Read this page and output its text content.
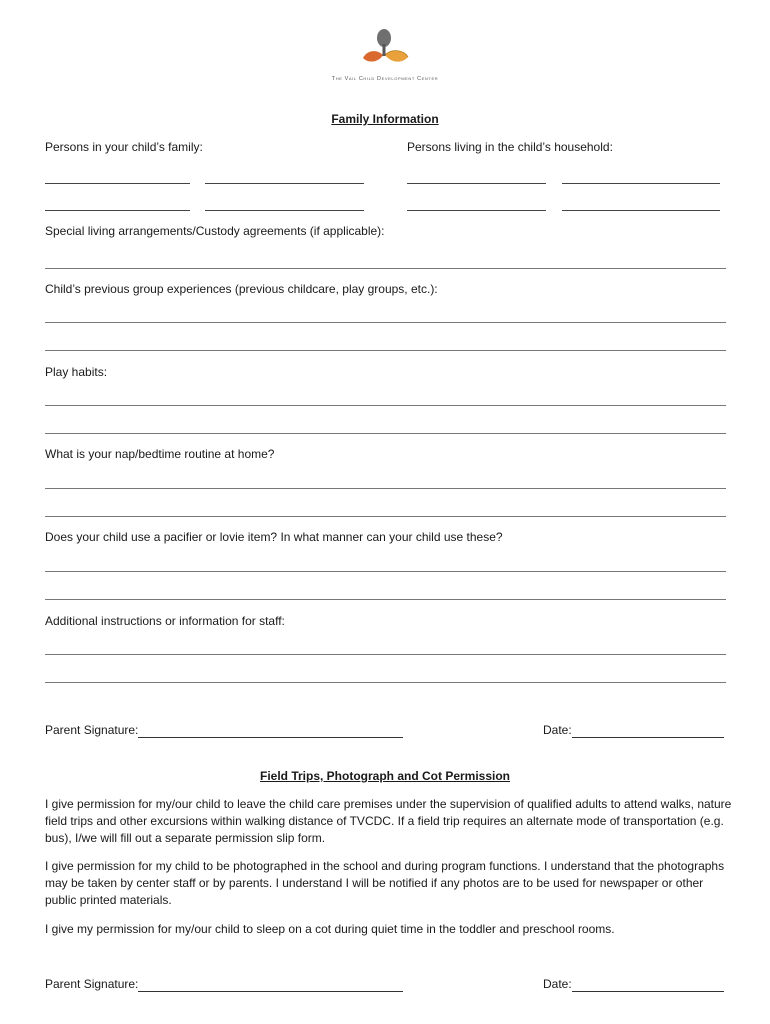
The Vail Child Development Center
Family Information
Persons in your child’s family:	Persons living in the child’s household:
Special living arrangements/Custody agreements (if applicable):
Child’s previous group experiences (previous childcare, play groups, etc.):
Play habits:
What is your nap/bedtime routine at home?
Does your child use a pacifier or lovie item? In what manner can your child use these?
Additional instructions or information for staff:
Parent Signature:	Date:
Field Trips, Photograph and Cot Permission
I give permission for my/our child to leave the child care premises under the supervision of qualified adults to attend walks, nature field trips and other excursions within walking distance of TVCDC. If a field trip requires an alternate mode of transportation (e.g. bus), I/we will fill out a separate permission slip form.
I give permission for my child to be photographed in the school and during program functions. I understand that the photographs may be taken by center staff or by parents. I understand I will be notified if any photos are to be used for newspaper or other public printed materials.
I give my permission for my/our child to sleep on a cot during quiet time in the toddler and preschool rooms.
Parent Signature:	Date:
